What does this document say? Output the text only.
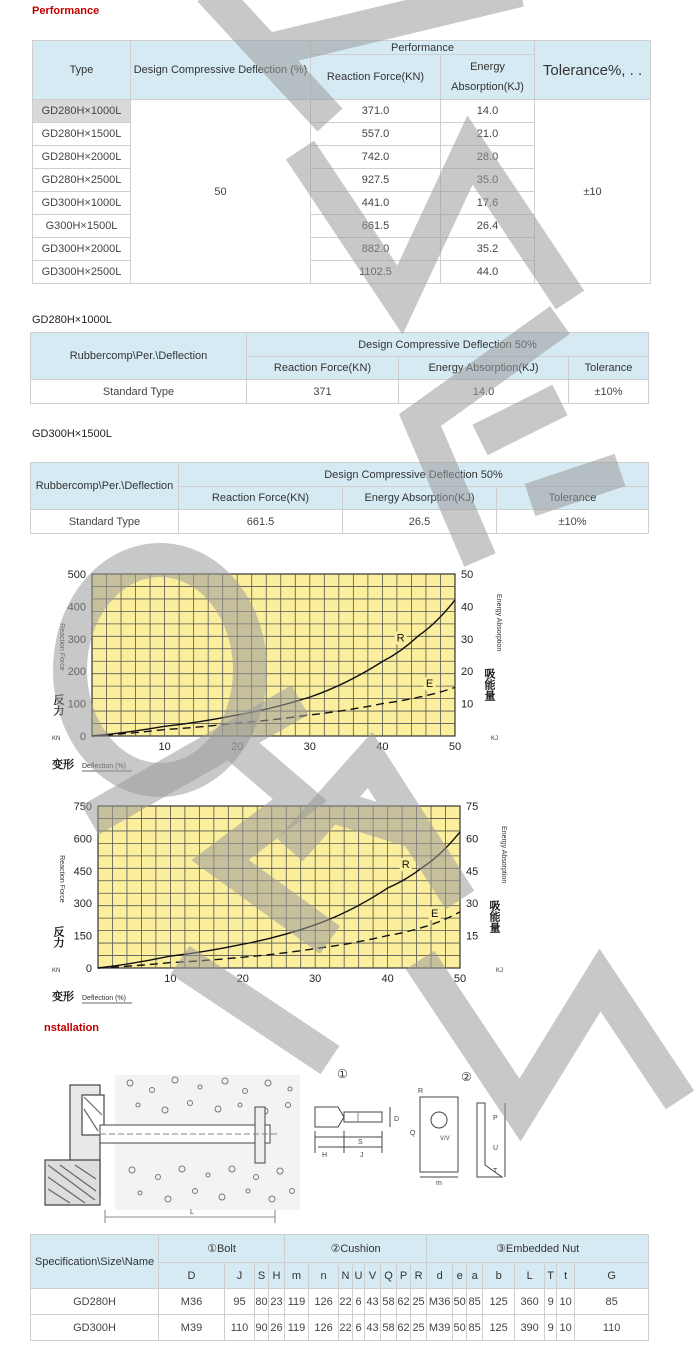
Performance
Type	Design Compressive Deflection (%)	Performance		Tolerance%, . .
		Reaction Force(KN)	Energy
Absorption(KJ)	
GD280H×1000L	50	371.0	14.0	±10
GD280H×1500L		557.0	21.0	
GD280H×2000L		742.0	28.0	
GD280H×2500L		927.5	35.0	
GD300H×1000L		441.0	17.6	
G300H×1500L		661.5	26.4	
GD300H×2000L		882.0	35.2	
GD300H×2500L		1102.5	44.0	
GD280H×1000L
Rubbercomp\Per.\Deflection	Design Compressive Deflection 50%		
	Reaction Force(KN)	Energy Absorption(KJ)	Tolerance
Standard Type	371	14.0	±10%
GD300H×1500L
Rubbercomp\Per.\Deflection	Design Compressive Deflection 50%		
	Reaction Force(KN)	Energy Absorption(KJ)	Tolerance
Standard Type	661.5	26.5	±10%
0
100
200
300
400
500
10
20
30
40
50
10	20	30	40	50
R
E
Reaction Force
反力
KN
Energy Absorption
吸能量
KJ
变形 Deflection (%)
0
150
300
450
600
750
15
30
45
60
75
10	20	30	40	50
R
E
Reaction Force
反力
KN
Energy Absorption
吸能量
KJ
变形 Deflection (%)
nstallation
L
①
S
H	J
D
②
R
Q
V/V
m
P
U
T
Specification\Size\Name	①Bolt				②Cushion								③Embedded Nut							
	D	J	S	H	m	n	N	U	V	Q	P	R	d	e	a	b	L	T	t	G
GD280H	M36	95	80	23	119	126	22	6	43	58	62	25	M36	50	85	125	360	9	10	85
GD300H	M39	110	90	26	119	126	22	6	43	58	62	25	M39	50	85	125	390	9	10	110
